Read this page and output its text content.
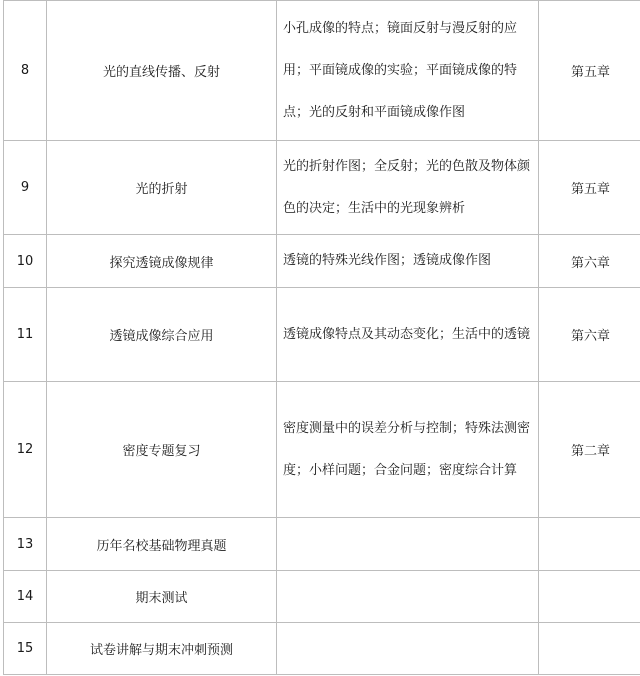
8	光的直线传播、反射	小孔成像的特点；镜面反射与漫反射的应用；平面镜成像的实验；平面镜成像的特点；光的反射和平面镜成像作图	第五章
9	光的折射	光的折射作图；全反射；光的色散及物体颜色的决定；生活中的光现象辨析	第五章
10	探究透镜成像规律	透镜的特殊光线作图；透镜成像作图	第六章
11	透镜成像综合应用	透镜成像特点及其动态变化；生活中的透镜	第六章
12	密度专题复习	密度测量中的误差分析与控制；特殊法测密度；小样问题；合金问题；密度综合计算	第二章
13	历年名校基础物理真题		
14	期末测试		
15	试卷讲解与期末冲刺预测		
